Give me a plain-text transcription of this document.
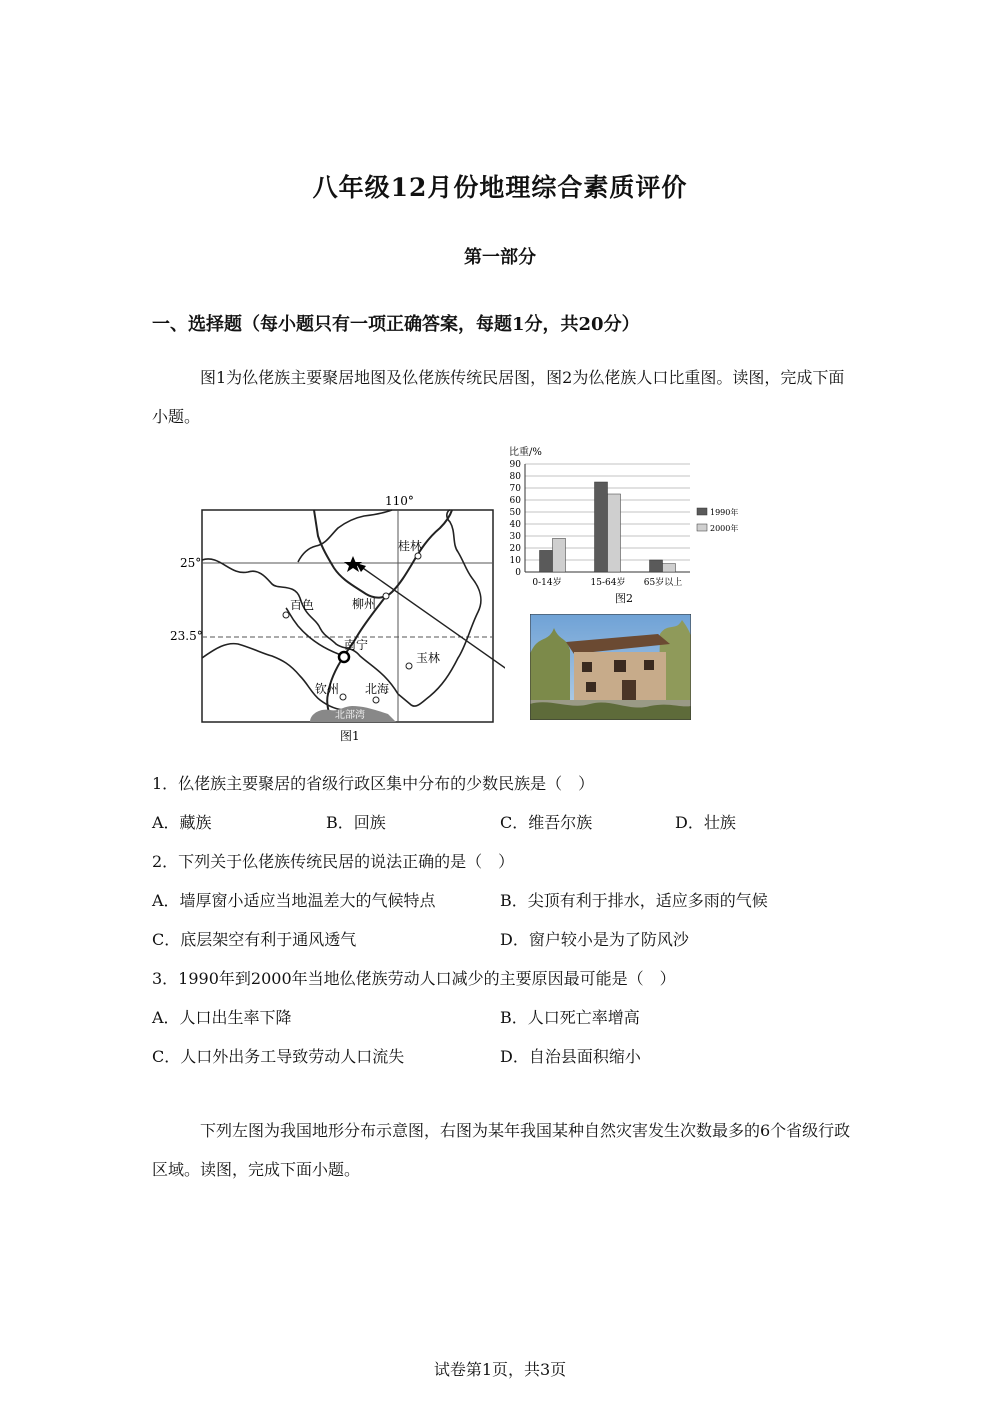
八年级12月份地理综合素质评价
第一部分
一、选择题（每小题只有一项正确答案，每题1分，共20分）
图1为仫佬族主要聚居地图及仫佬族传统民居图，图2为仫佬族人口比重图。读图，完成下面小题。
110°
25°
23.5°
北部湾
桂林
百色	柳州
南宁
玉林
钦州 北海
图1
比重/%
90
80
70
60
50
40
30
20
10
0
0-14岁	15-64岁 65岁以上
1990年
2000年
图2
1．仫佬族主要聚居的省级行政区集中分布的少数民族是（　）
A．藏族	B．回族	C．维吾尔族	D．壮族
2．下列关于仫佬族传统民居的说法正确的是（　）
A．墙厚窗小适应当地温差大的气候特点	B．尖顶有利于排水，适应多雨的气候
C．底层架空有利于通风透气	D．窗户较小是为了防风沙
3．1990年到2000年当地仫佬族劳动人口减少的主要原因最可能是（　）
A．人口出生率下降	B．人口死亡率增高
C．人口外出务工导致劳动人口流失	D．自治县面积缩小
下列左图为我国地形分布示意图，右图为某年我国某种自然灾害发生次数最多的6个省级行政区域。读图，完成下面小题。
试卷第1页，共3页
